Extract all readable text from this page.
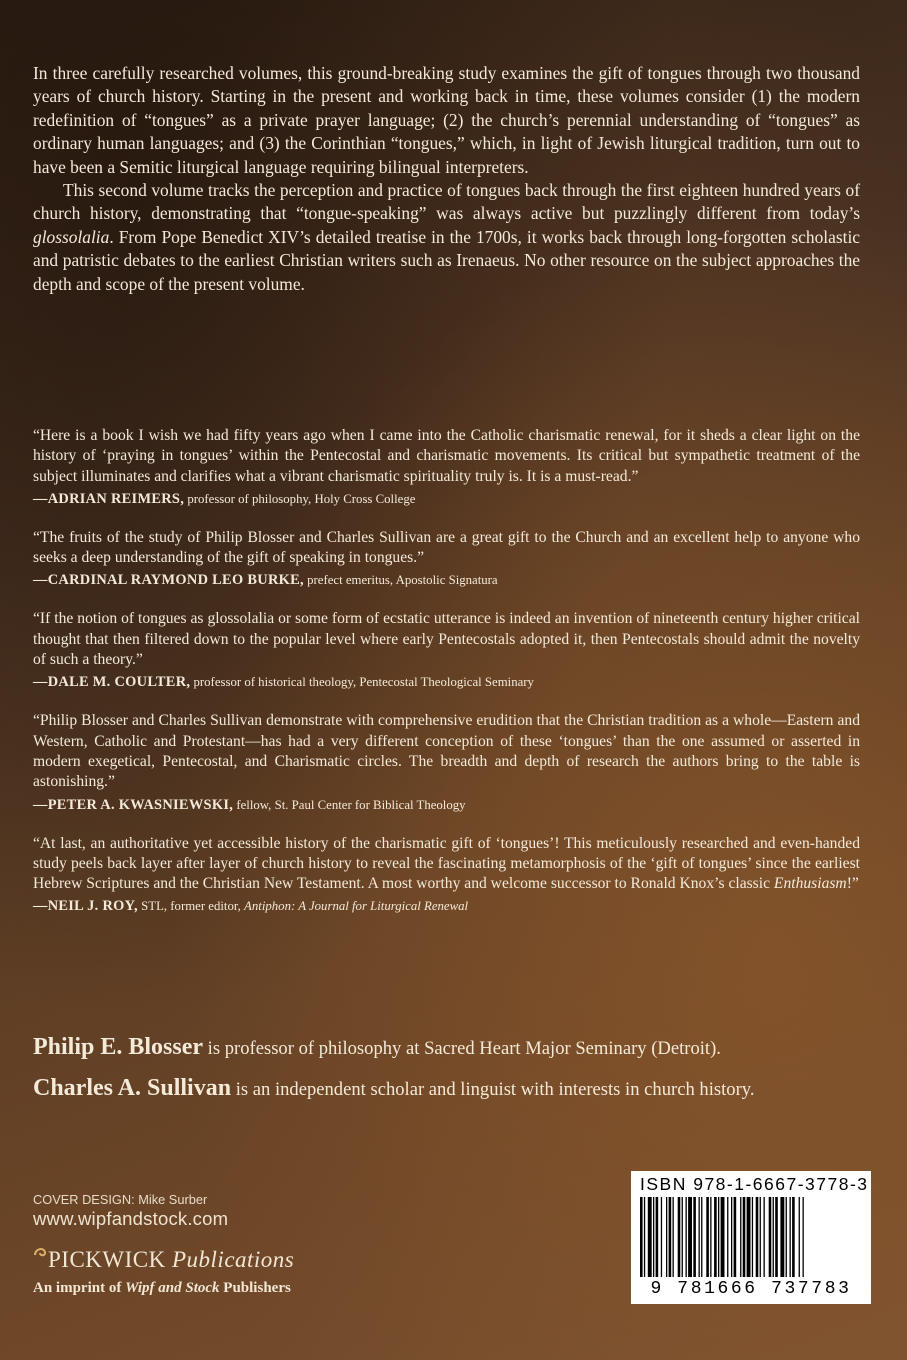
In three carefully researched volumes, this ground-breaking study examines the gift of tongues through two thousand years of church history. Starting in the present and working back in time, these volumes consider (1) the modern redefinition of “tongues” as a private prayer language; (2) the church’s perennial understanding of “tongues” as ordinary human languages; and (3) the Corinthian “tongues,” which, in light of Jewish liturgical tradition, turn out to have been a Semitic liturgical language requiring bilingual interpreters.

This second volume tracks the perception and practice of tongues back through the first eighteen hundred years of church history, demonstrating that “tongue-speaking” was always active but puzzlingly different from today’s glossolalia. From Pope Benedict XIV’s detailed treatise in the 1700s, it works back through long-forgotten scholastic and patristic debates to the earliest Christian writers such as Irenaeus. No other resource on the subject approaches the depth and scope of the present volume.

“Here is a book I wish we had fifty years ago when I came into the Catholic charismatic renewal, for it sheds a clear light on the history of ‘praying in tongues’ within the Pentecostal and charismatic movements. Its critical but sympathetic treatment of the subject illuminates and clarifies what a vibrant charismatic spirituality truly is. It is a must-read.”

—ADRIAN REIMERS, professor of philosophy, Holy Cross College

“The fruits of the study of Philip Blosser and Charles Sullivan are a great gift to the Church and an excellent help to anyone who seeks a deep understanding of the gift of speaking in tongues.”

—CARDINAL RAYMOND LEO BURKE, prefect emeritus, Apostolic Signatura

“If the notion of tongues as glossolalia or some form of ecstatic utterance is indeed an invention of nineteenth century higher critical thought that then filtered down to the popular level where early Pentecostals adopted it, then Pentecostals should admit the novelty of such a theory.”

—DALE M. COULTER, professor of historical theology, Pentecostal Theological Seminary

“Philip Blosser and Charles Sullivan demonstrate with comprehensive erudition that the Christian tradition as a whole—Eastern and Western, Catholic and Protestant—has had a very different conception of these ‘tongues’ than the one assumed or asserted in modern exegetical, Pentecostal, and Charismatic circles. The breadth and depth of research the authors bring to the table is astonishing.”

—PETER A. KWASNIEWSKI, fellow, St. Paul Center for Biblical Theology

“At last, an authoritative yet accessible history of the charismatic gift of ‘tongues’! This meticulously researched and even-handed study peels back layer after layer of church history to reveal the fascinating metamorphosis of the ‘gift of tongues’ since the earliest Hebrew Scriptures and the Christian New Testament. A most worthy and welcome successor to Ronald Knox’s classic Enthusiasm!”

—NEIL J. ROY, STL, former editor, Antiphon: A Journal for Liturgical Renewal

Philip E. Blosser is professor of philosophy at Sacred Heart Major Seminary (Detroit).

Charles A. Sullivan is an independent scholar and linguist with interests in church history.

COVER DESIGN: Mike Surber
www.wipfandstock.com
PICKWICK Publications
An imprint of Wipf and Stock Publishers
ISBN 978-1-6667-3778-3
9 781666 737783
